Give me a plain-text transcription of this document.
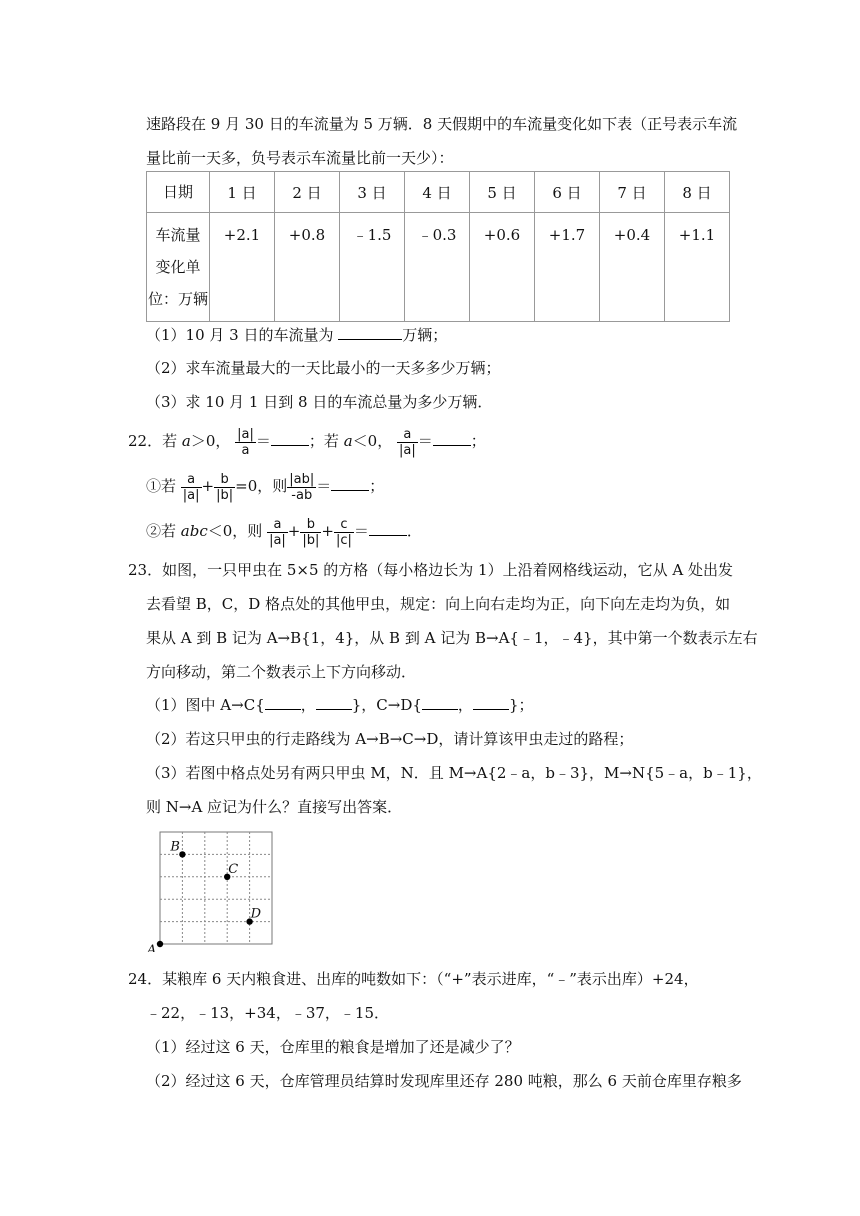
速路段在 9 月 30 日的车流量为 5 万辆．8 天假期中的车流量变化如下表（正号表示车流
量比前一天多，负号表示车流量比前一天少）：
日期	1 日	2 日	3 日	4 日	5 日	6 日	7 日	8 日

车流量
变化单
位：万辆	+2.1	+0.8	﹣1.5	﹣0.3	+0.6	+1.7	+0.4	+1.1
（1）10 月 3 日的车流量为	万辆；
（2）求车流量最大的一天比最小的一天多多少万辆；
（3）求 10 月 1 日到 8 日的车流总量为多少万辆．
22．若 a＞0， $\frac{|a|}{a}$ ＝	；若 a＜0， $\frac{a}{|a|}$ ＝	；
①若 $\frac{a}{|a|} + \frac{b}{|b|} =0$，则 $\frac{|ab|}{-ab}$ ＝	；
②若 abc＜0，则 $\frac{a}{|a|} + \frac{b}{|b|} + \frac{c}{|c|}$ ＝	．
23．如图，一只甲虫在 5×5 的方格（每小格边长为 1）上沿着网格线运动，它从 A 处出发
去看望 B，C，D 格点处的其他甲虫，规定：向上向右走均为正，向下向左走均为负，如
果从 A 到 B 记为 A→B{1，4}，从 B 到 A 记为 B→A{﹣1，﹣4}，其中第一个数表示左右
方向移动，第二个数表示上下方向移动．
（1）图中 A→C{ ， }，C→D{ ， }；
（2）若这只甲虫的行走路线为 A→B→C→D，请计算该甲虫走过的路程；
（3）若图中格点处另有两只甲虫 M，N．且 M→A{2﹣a，b﹣3}，M→N{5﹣a，b﹣1}，
则 N→A 应记为什么？直接写出答案．
A
B
C
D
24．某粮库 6 天内粮食进、出库的吨数如下：（“+”表示进库，“﹣”表示出库）+24，
﹣22，﹣13，+34，﹣37，﹣15．
（1）经过这 6 天，仓库里的粮食是增加了还是减少了？
（2）经过这 6 天，仓库管理员结算时发现库里还存 280 吨粮，那么 6 天前仓库里存粮多
